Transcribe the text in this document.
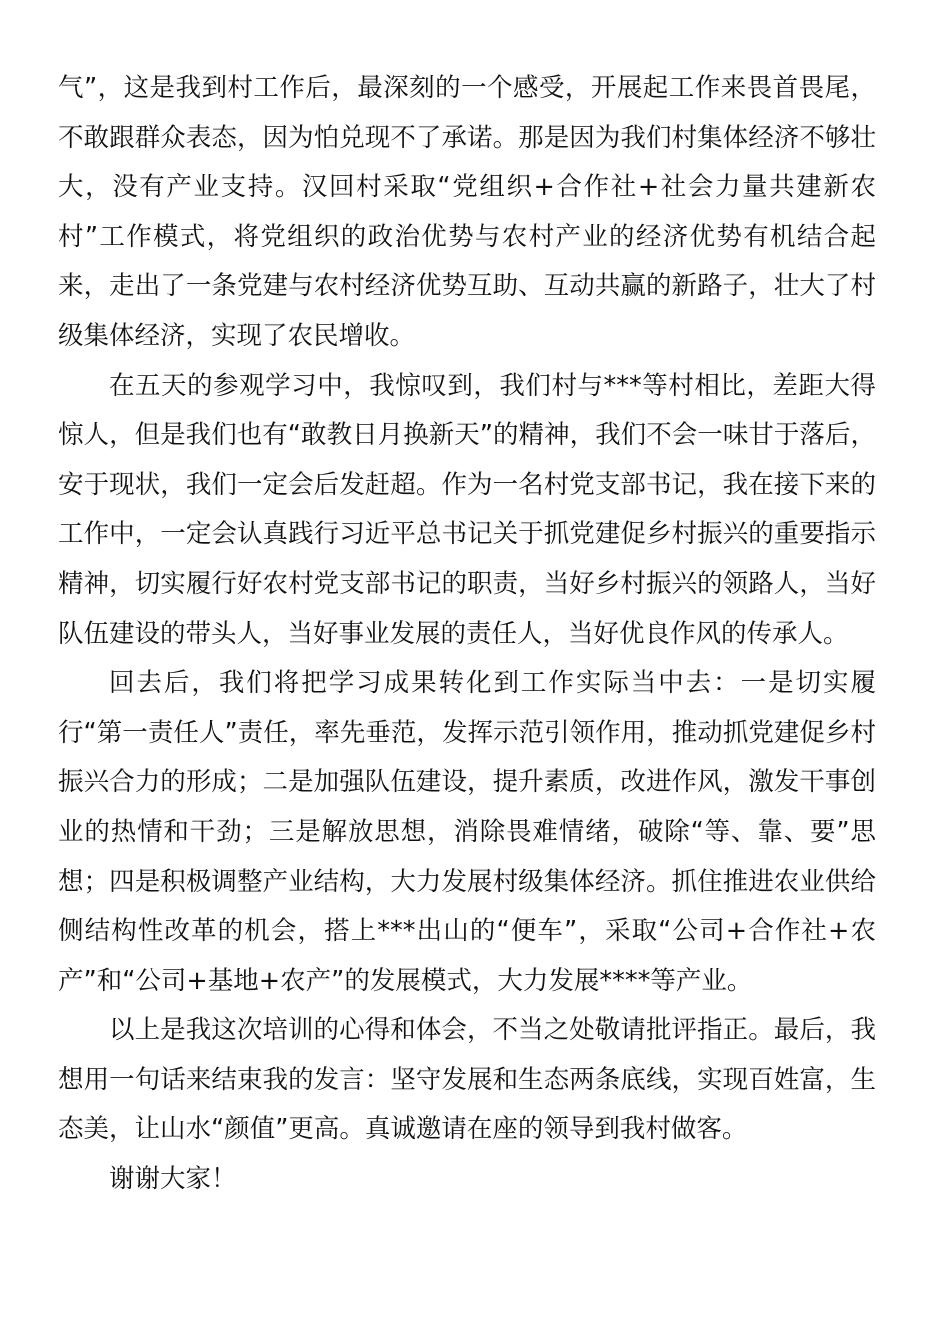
气”，这是我到村工作后，最深刻的一个感受，开展起工作来畏首畏尾，不敢跟群众表态，因为怕兑现不了承诺。那是因为我们村集体经济不够壮大，没有产业支持。汉回村采取“党组织+合作社+社会力量共建新农村”工作模式，将党组织的政治优势与农村产业的经济优势有机结合起来，走出了一条党建与农村经济优势互助、互动共赢的新路子，壮大了村级集体经济，实现了农民增收。

在五天的参观学习中，我惊叹到，我们村与***等村相比，差距大得惊人，但是我们也有“敢教日月换新天”的精神，我们不会一味甘于落后，安于现状，我们一定会后发赶超。作为一名村党支部书记，我在接下来的工作中，一定会认真践行习近平总书记关于抓党建促乡村振兴的重要指示精神，切实履行好农村党支部书记的职责，当好乡村振兴的领路人，当好队伍建设的带头人，当好事业发展的责任人，当好优良作风的传承人。

回去后，我们将把学习成果转化到工作实际当中去：一是切实履行“第一责任人”责任，率先垂范，发挥示范引领作用，推动抓党建促乡村振兴合力的形成；二是加强队伍建设，提升素质，改进作风，激发干事创业的热情和干劲；三是解放思想，消除畏难情绪，破除“等、靠、要”思想；四是积极调整产业结构，大力发展村级集体经济。抓住推进农业供给侧结构性改革的机会，搭上***出山的“便车”，采取“公司+合作社+农产”和“公司+基地+农产”的发展模式，大力发展****等产业。

以上是我这次培训的心得和体会，不当之处敬请批评指正。最后，我想用一句话来结束我的发言：坚守发展和生态两条底线，实现百姓富，生态美，让山水“颜值”更高。真诚邀请在座的领导到我村做客。

谢谢大家！
